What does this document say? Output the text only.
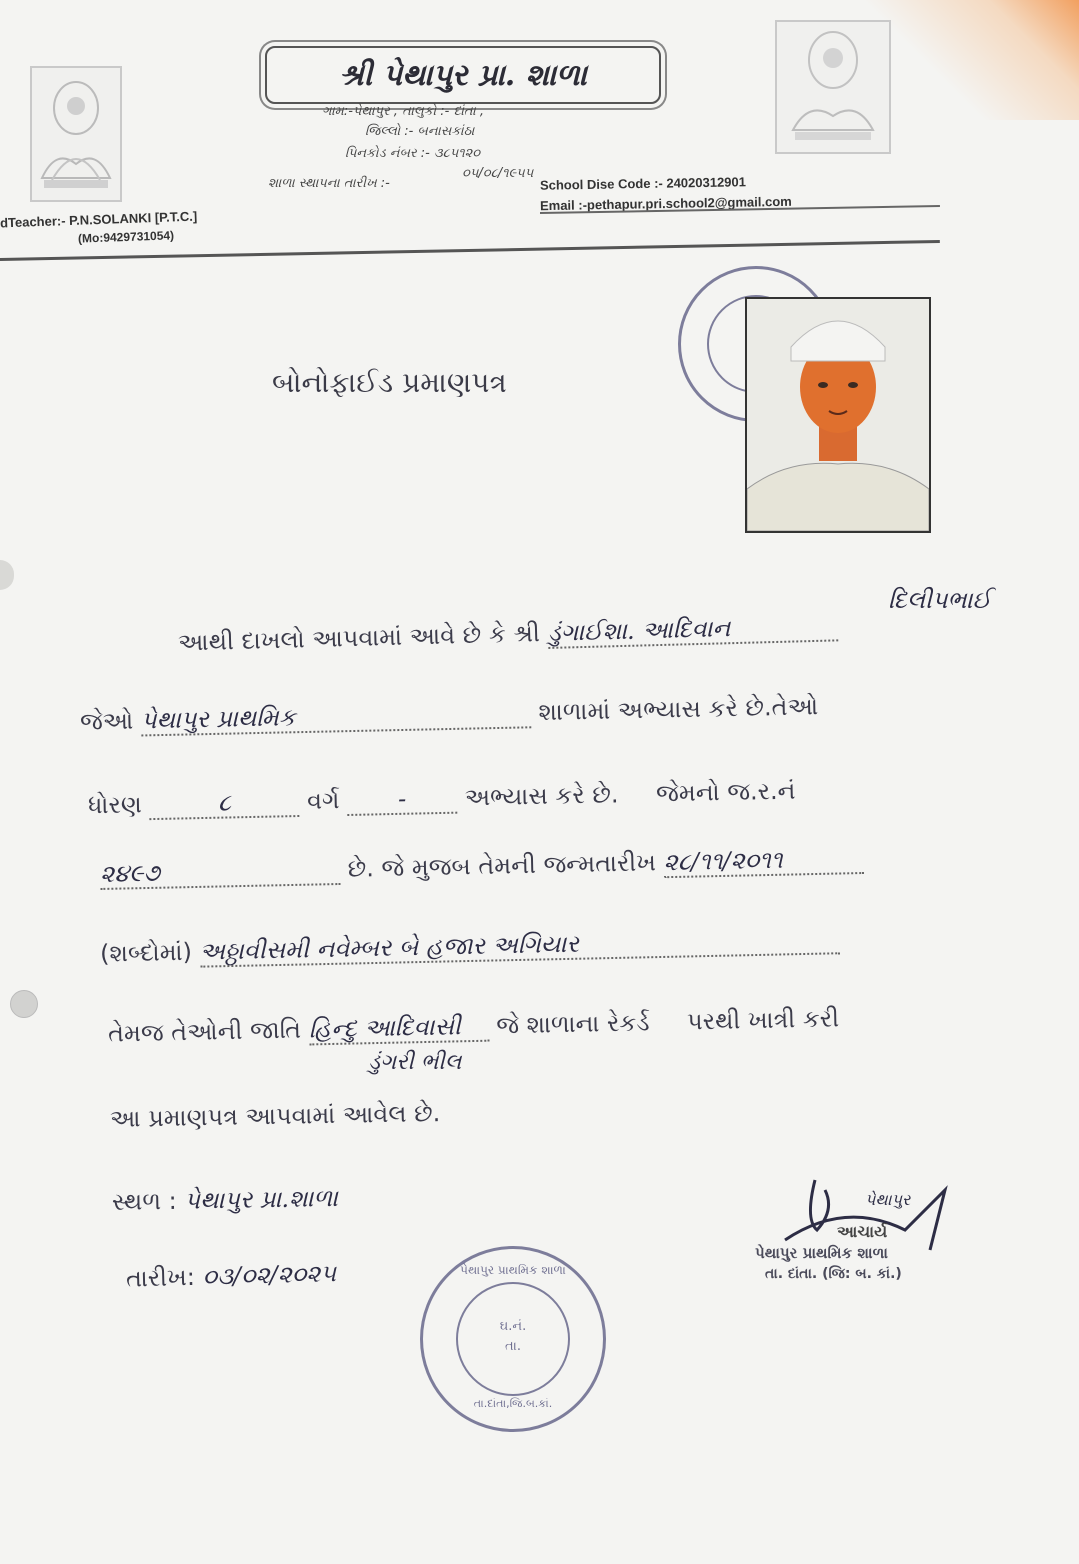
શ્રી પેથાપુર પ્રા. શાળા
ગામ:-પેથાપુર , તાલુકો :- દાંતા ,
જિલ્લો :- બનાસકાંઠા
પિનકોડ નંબર :- ૩૮૫૧૨૦
શાળા સ્થાપના તારીખ :-
૦૫/૦૮/૧૯૫૫
dTeacher:- P.N.SOLANKI [P.T.C.]
(Mo:9429731054)
School Dise Code :- 24020312901
Email :-pethapur.pri.school2@gmail.com
બોનોફાઈડ પ્રમાણપત્ર
આથી દાખલો આપવામાં આવે છે કે શ્રી ડુંગાઈશા. આદિવાન
દિલીપભાઈ
જેઓ પેથાપુર પ્રાથમિક	શાળામાં અભ્યાસ કરે છે.તેઓ
ધોરણ	૮	વર્ગ - અભ્યાસ કરે છે. જેમનો જ.ર.નં
૨૪૯૭	છે. જે મુજબ તેમની જન્મતારીખ ૨૮/૧૧/૨૦૧૧
(શબ્દોમાં) અઠ્ઠાવીસમી નવેમ્બર બે હજાર અગિયાર
તેમજ તેઓની જાતિ હિન્દુ આદિવાસી જે શાળાના રેકર્ડ પરથી ખાત્રી કરી
ડુંગરી ભીલ
આ પ્રમાણપત્ર આપવામાં આવેલ છે.
સ્થળ : પેથાપુર પ્રા.શાળા
તારીખ: ૦૩/૦૨/૨૦૨૫	પેથાપુર પ્રાથમિક શાળા
ઘ.નં.
તા.
તા.દાંતા,જિ.બ.કાં.
પેથાપુર
આચાર્ય
પેથાપુર પ્રાથમિક શાળા
તા. દાંતા. (જિ: બ. કાં.)
